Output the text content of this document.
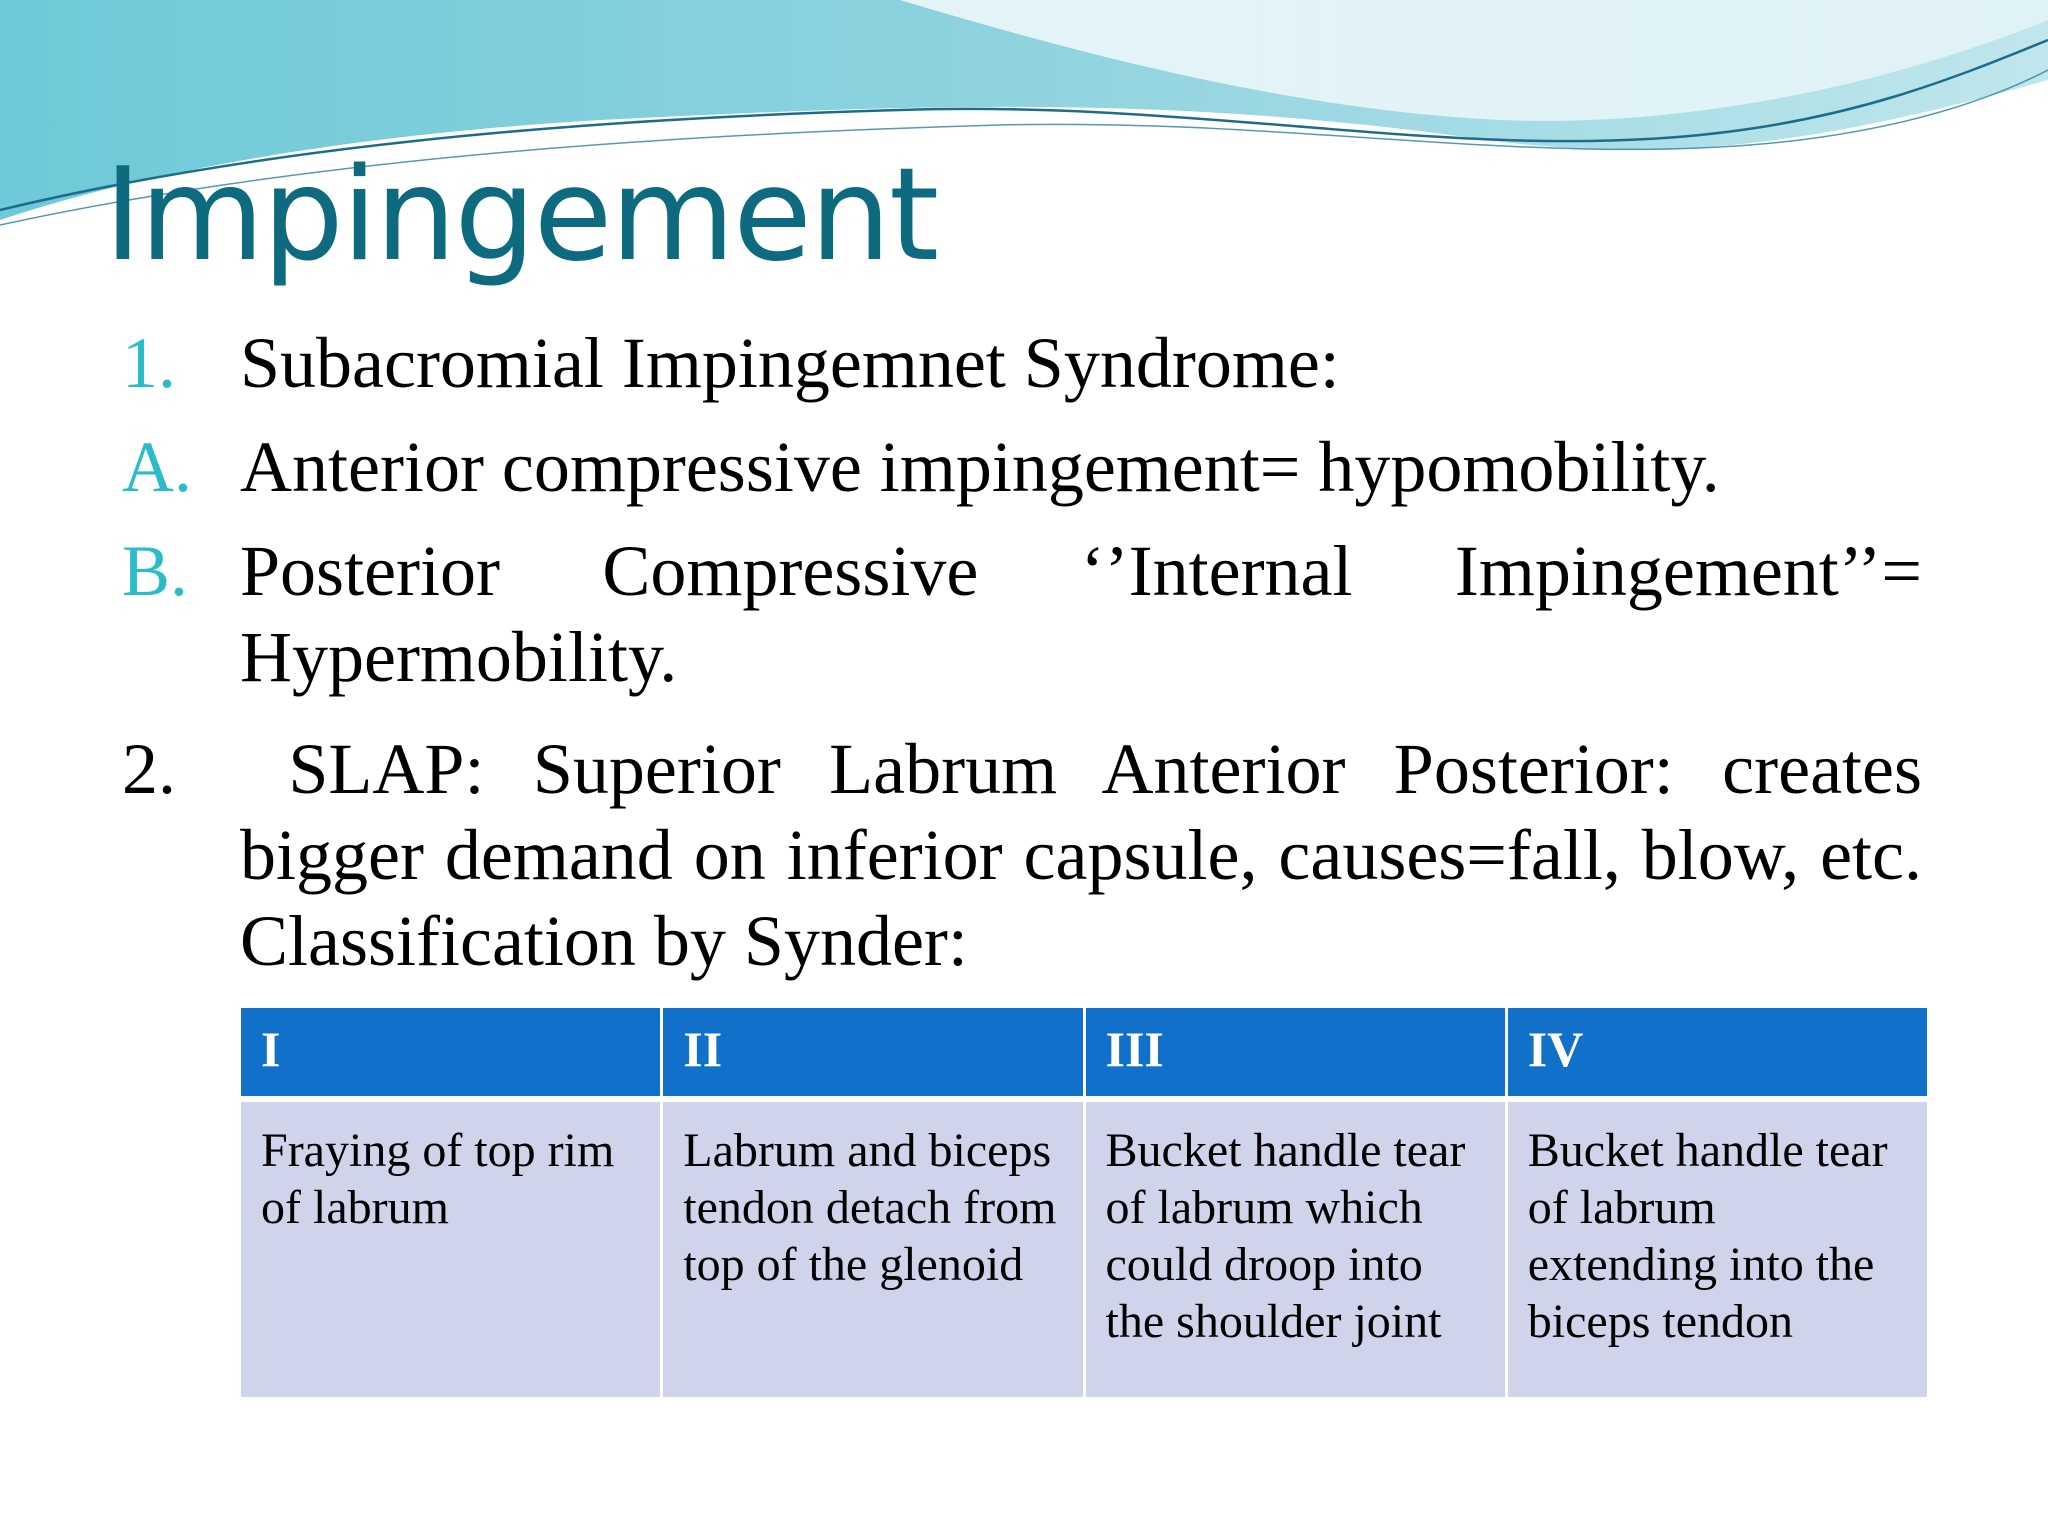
Impingement
1. Subacromial Impingemnet Syndrome:
A. Anterior compressive impingement= hypomobility.
B. Posterior Compressive ‘’Internal Impingement’’= Hypermobility.
2. SLAP: Superior Labrum Anterior Posterior: creates bigger demand on inferior capsule, causes=fall, blow, etc. Classification by Synder:
I	II	III	IV
Fraying of top rim of labrum	Labrum and biceps tendon detach from top of the glenoid	Bucket handle tear of labrum which could droop into the shoulder joint	Bucket handle tear of labrum extending into the biceps tendon
